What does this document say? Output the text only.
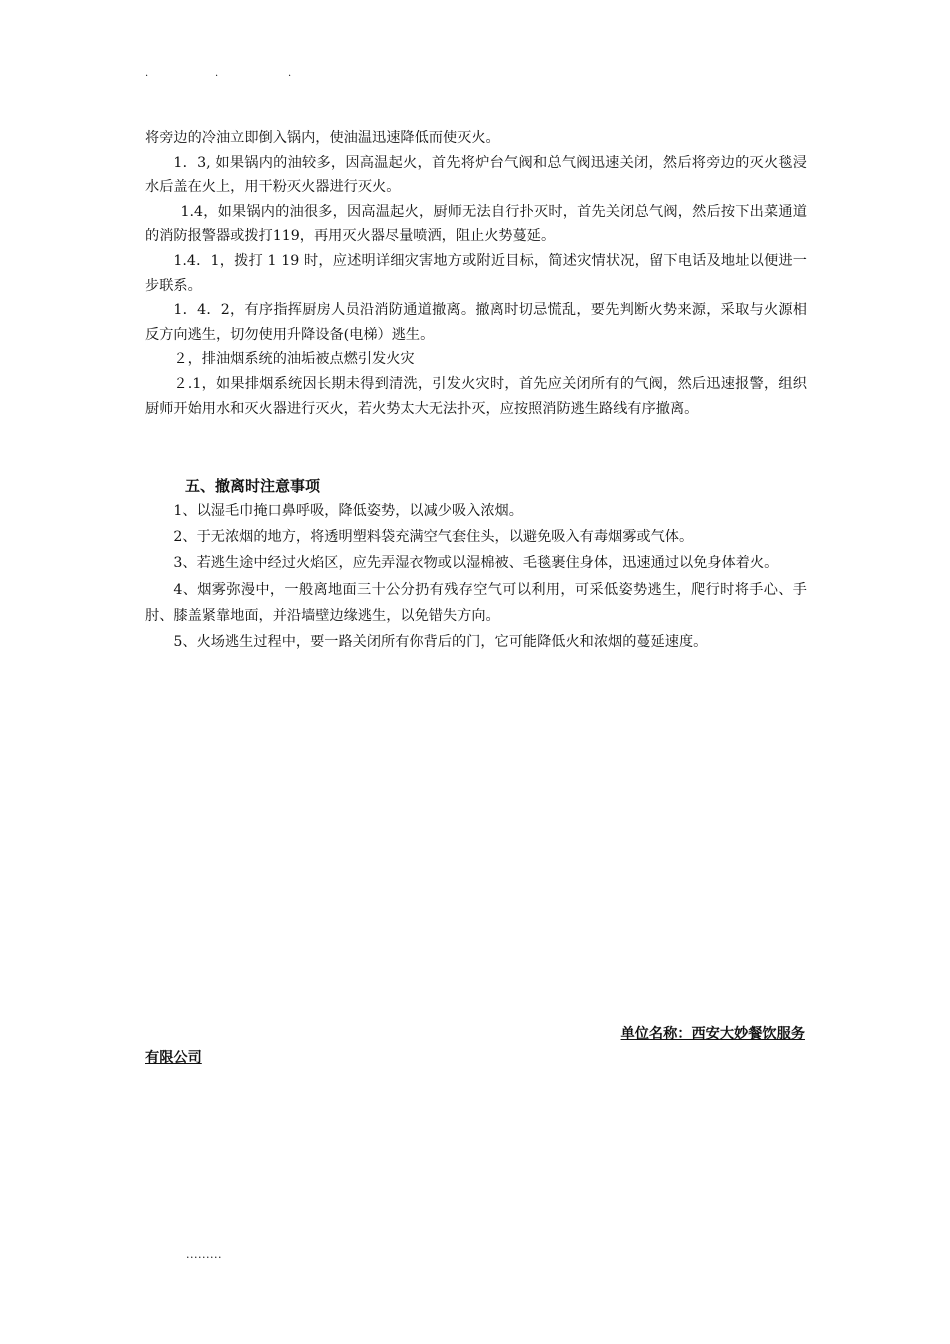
.	.	.

将旁边的冷油立即倒入锅内，使油温迅速降低而使灭火。

1．3, 如果锅内的油较多，因高温起火，首先将炉台气阀和总气阀迅速关闭，然后将旁边的灭火毯浸水后盖在火上，用干粉灭火器进行灭火。

1.4，如果锅内的油很多，因高温起火，厨师无法自行扑灭时，首先关闭总气阀，然后按下出菜通道的消防报警器或拨打119，再用灭火器尽量喷洒，阻止火势蔓延。

1.4．1，拨打 1 19 时，应述明详细灾害地方或附近目标，简述灾情状况，留下电话及地址以便进一步联系。

1．4．2，有序指挥厨房人员沿消防通道撤离。撤离时切忌慌乱，要先判断火势来源，采取与火源相反方向逃生，切勿使用升降设备(电梯）逃生。

２，排油烟系统的油垢被点燃引发火灾

２.1，如果排烟系统因长期未得到清洗，引发火灾时，首先应关闭所有的气阀，然后迅速报警，组织厨师开始用水和灭火器进行灭火，若火势太大无法扑灭，应按照消防逃生路线有序撤离。

五、撤离时注意事项

1、以湿毛巾掩口鼻呼吸，降低姿势，以减少吸入浓烟。

2、于无浓烟的地方，将透明塑料袋充满空气套住头，以避免吸入有毒烟雾或气体。

3、若逃生途中经过火焰区，应先弄湿衣物或以湿棉被、毛毯裹住身体，迅速通过以免身体着火。

4、烟雾弥漫中，一般离地面三十公分扔有残存空气可以利用，可采低姿势逃生，爬行时将手心、手肘、膝盖紧靠地面，并沿墙壁边缘逃生，以免错失方向。

5、火场逃生过程中，要一路关闭所有你背后的门，它可能降低火和浓烟的蔓延速度。

单位名称：西安大妙餐饮服务
有限公司
.........
